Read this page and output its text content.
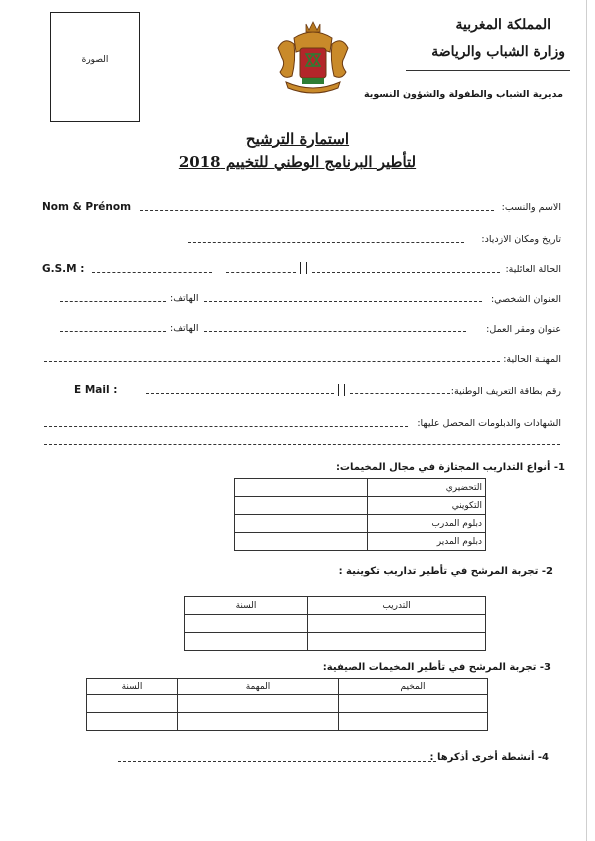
الصورة
المملكة المغربية
وزارة الشباب والرياضة
مديرية الشباب والطفولة والشؤون النسوية
استمارة الترشيح
لتأطير البرنامج الوطني للتخييم 2018
الاسم والنسب:
Nom & Prénom
تاريخ ومكان الازدياد:
الحالة العائلية:
G.S.M :
العنوان الشخصي:
الهاتف:
عنوان ومقر العمل:
الهاتف:
المهنـة الحالية:
رقم بطاقة التعريف الوطنية:
E Mail :
الشهادات والدبلومات المحصل عليها:
1- أنواع التداريب المجتازة في مجال المخيمات:
	التحضيري
	التكويني
	دبلوم المدرب
	دبلوم المدير
2- تجربة المرشح في تأطير تداريب تكوينية :
السنة	التدريب

3- تجربة المرشح في تأطير المخيمات الصيفية:
السنة	المهمة	المخيم

4- أنشطة أخرى أذكرها :
